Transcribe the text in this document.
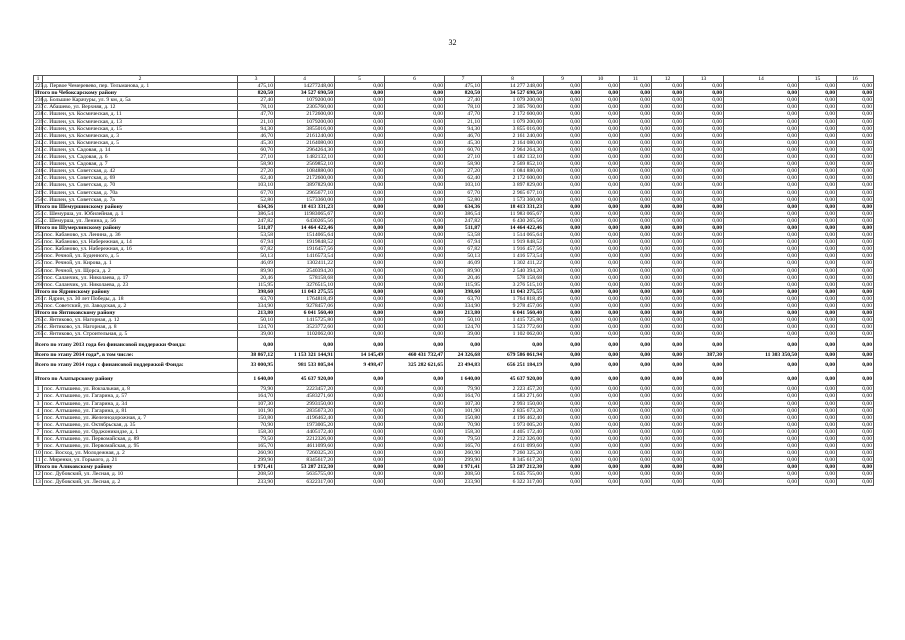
32
1	2	3	4	5	6	7	8	9	10	11	12	13	14	15	16
225	д. Первое Чемеревево, пер. Тельманова, д. 1	475,10	14277248,00	0,00	0,00	475,10	14 277 248,00	0,00	0,00	0,00	0,00	0,00	0,00	0,00	0,00
Итого по Чебоксарскому району		820,50	34 527 690,50	0,00	0,00	820,50	34 527 690,50	0,00	0,00	0,00	0,00	0,00	0,00	0,00	0,00
236	д. Большие Карачуры, ул. 9 км, д. 5а	27,40	1079200,00	0,00	0,00	27,40	1 079 200,00	0,00	0,00	0,00	0,00	0,00	0,00	0,00	0,00
237	с. Абашево, ул. Верхняя, д. 12	78,10	2305760,00	0,00	0,00	78,10	2 305 760,00	0,00	0,00	0,00	0,00	0,00	0,00	0,00	0,00
238	с. Ишлеи, ул. Космическая, д. 11	47,70	2172600,00	0,00	0,00	47,70	2 172 600,00	0,00	0,00	0,00	0,00	0,00	0,00	0,00	0,00
239	с. Ишлеи, ул. Космическая, д. 13	21,10	1079200,00	0,00	0,00	21,10	1 079 200,00	0,00	0,00	0,00	0,00	0,00	0,00	0,00	0,00
240	с. Ишлеи, ул. Космическая, д. 15	94,30	3855016,00	0,00	0,00	94,30	3 855 016,00	0,00	0,00	0,00	0,00	0,00	0,00	0,00	0,00
241	с. Ишлеи, ул. Космическая, д. 3	46,70	2161240,00	0,00	0,00	46,70	2 161 240,00	0,00	0,00	0,00	0,00	0,00	0,00	0,00	0,00
242	с. Ишлеи, ул. Космическая, д. 5	45,30	2164080,00	0,00	0,00	45,30	2 164 080,00	0,00	0,00	0,00	0,00	0,00	0,00	0,00	0,00
243	с. Ишлеи, ул. Садовая, д. 14	60,70	2964264,30	0,00	0,00	60,70	2 964 264,30	0,00	0,00	0,00	0,00	0,00	0,00	0,00	0,00
244	с. Ишлеи, ул. Садовая, д. 6	27,10	1482132,10	0,00	0,00	27,10	1 482 132,10	0,00	0,00	0,00	0,00	0,00	0,00	0,00	0,00
245	с. Ишлеи, ул. Садовая, д. 7	58,90	2569852,10	0,00	0,00	58,90	2 569 852,10	0,00	0,00	0,00	0,00	0,00	0,00	0,00	0,00
246	с. Ишлеи, ул. Советская, д. 42	27,20	1084880,00	0,00	0,00	27,20	1 084 880,00	0,00	0,00	0,00	0,00	0,00	0,00	0,00	0,00
247	с. Ишлеи, ул. Советская, д. 69	62,40	2172600,00	0,00	0,00	62,40	2 172 600,00	0,00	0,00	0,00	0,00	0,00	0,00	0,00	0,00
248	с. Ишлеи, ул. Советская, д. 70	103,10	3897829,00	0,00	0,00	103,10	3 897 829,00	0,00	0,00	0,00	0,00	0,00	0,00	0,00	0,00
249	с. Ишлеи, ул. Советская, д. 70а	67,70	2965677,10	0,00	0,00	67,70	2 965 677,10	0,00	0,00	0,00	0,00	0,00	0,00	0,00	0,00
250	с. Ишлеи, ул. Советская, д. 7а	52,80	1573360,00	0,00	0,00	52,80	1 573 360,00	0,00	0,00	0,00	0,00	0,00	0,00	0,00	0,00
Итого по Шемуршинскому району		634,36	18 413 331,23	0,00	0,00	634,36	18 413 331,23	0,00	0,00	0,00	0,00	0,00	0,00	0,00	0,00
251	с. Шемурша, ул. Юбилейная, д. 1	386,54	11983065,67	0,00	0,00	386,54	11 983 065,67	0,00	0,00	0,00	0,00	0,00	0,00	0,00	0,00
252	с. Шемурша, ул. Ленина, д. 56	247,82	6430265,56	0,00	0,00	247,82	6 430 265,56	0,00	0,00	0,00	0,00	0,00	0,00	0,00	0,00
Итого по Шумерлинскому району		511,87	14 464 422,46	0,00	0,00	511,87	14 464 422,46	0,00	0,00	0,00	0,00	0,00	0,00	0,00	0,00
253	пос. Кабаново, ул. Ленина, д. 36	53,58	1514065,64	0,00	0,00	53,58	1 514 065,64	0,00	0,00	0,00	0,00	0,00	0,00	0,00	0,00
254	пос. Кабаново, ул. Набережная, д. 14	67,94	1919848,52	0,00	0,00	67,94	1 919 848,52	0,00	0,00	0,00	0,00	0,00	0,00	0,00	0,00
255	пос. Кабаново, ул. Набережная, д. 16	67,82	1916457,56	0,00	0,00	67,82	1 916 457,56	0,00	0,00	0,00	0,00	0,00	0,00	0,00	0,00
256	пос. Речной, ул. Буденного, д. 5	50,13	1416573,54	0,00	0,00	50,13	1 416 573,54	0,00	0,00	0,00	0,00	0,00	0,00	0,00	0,00
257	пос. Речной, ул. Кирова, д. 1	46,09	1302411,22	0,00	0,00	46,09	1 302 411,22	0,00	0,00	0,00	0,00	0,00	0,00	0,00	0,00
258	пос. Речной, ул. Щорса, д. 2	89,90	2540394,20	0,00	0,00	89,90	2 540 394,20	0,00	0,00	0,00	0,00	0,00	0,00	0,00	0,00
259	пос. Саланчик, ул. Николаева, д. 17	20,46	578158,68	0,00	0,00	20,46	578 158,68	0,00	0,00	0,00	0,00	0,00	0,00	0,00	0,00
260	пос. Саланчик, ул. Николаева, д. 23	115,95	3276515,10	0,00	0,00	115,95	3 276 515,10	0,00	0,00	0,00	0,00	0,00	0,00	0,00	0,00
Итого по Ядринскому району		398,60	11 043 275,55	0,00	0,00	398,60	11 043 275,55	0,00	0,00	0,00	0,00	0,00	0,00	0,00	0,00
261	г. Ядрин, ул. 30 лет Победы, д. 18	63,70	1764818,49	0,00	0,00	63,70	1 764 818,49	0,00	0,00	0,00	0,00	0,00	0,00	0,00	0,00
262	пос. Советский, ул. Заводская, д. 2	334,90	9278457,06	0,00	0,00	334,90	9 278 457,06	0,00	0,00	0,00	0,00	0,00	0,00	0,00	0,00
Итого по Янтиковскому району		213,80	6 041 560,40	0,00	0,00	213,80	6 041 560,40	0,00	0,00	0,00	0,00	0,00	0,00	0,00	0,00
263	с. Янтиково, ул. Нагорная, д. 12	50,10	1415725,80	0,00	0,00	50,10	1 415 725,80	0,00	0,00	0,00	0,00	0,00	0,00	0,00	0,00
264	с. Янтиково, ул. Нагорная, д. 8	124,70	3523772,60	0,00	0,00	124,70	3 523 772,60	0,00	0,00	0,00	0,00	0,00	0,00	0,00	0,00
265	с. Янтиково, ул. Строительная, д. 5	39,00	1102062,00	0,00	0,00	39,00	1 102 062,00	0,00	0,00	0,00	0,00	0,00	0,00	0,00	0,00
Всего по этапу 2013 года без финансовой поддержки Фонда:		0,00	0,00	0,00	0,00	0,00	0,00	0,00	0,00	0,00	0,00	0,00	0,00	0,00	0,00
Всего по этапу 2014 года*, в том числе:		38 867,12	1 153 321 144,91	14 145,49	460 431 732,47	24 326,68	679 586 061,94	0,00	0,00	0,00	0,00	387,30	11 303 350,50	0,00	0,00
Всего по этапу 2014 года с финансовой поддержкой Фонда:		33 000,95	981 533 805,84	9 498,47	325 282 621,65	23 494,83	656 251 184,19	0,00	0,00	0,00	0,00	0,00	0,00	0,00	0,00
Итого по Алатырскому району		1 640,00	45 637 920,00	0,00	0,00	1 640,00	45 637 920,00	0,00	0,00	0,00	0,00	0,00	0,00	0,00	0,00
1	пос. Алтышево, ул. Вокзальная, д. 8	79,90	2223457,20	0,00	0,00	79,90	2 223 457,20	0,00	0,00	0,00	0,00	0,00	0,00	0,00	0,00
2	пос. Алтышево, ул. Гагарина, д. 57	164,70	4583271,60	0,00	0,00	164,70	4 583 271,60	0,00	0,00	0,00	0,00	0,00	0,00	0,00	0,00
3	пос. Алтышево, ул. Гагарина, д. 34	107,30	2993150,00	0,00	0,00	107,30	2 993 150,00	0,00	0,00	0,00	0,00	0,00	0,00	0,00	0,00
4	пос. Алтышево, ул. Гагарина, д. 81	101,90	2835673,20	0,00	0,00	101,90	2 835 673,20	0,00	0,00	0,00	0,00	0,00	0,00	0,00	0,00
5	пос. Алтышево, ул. Железнодорожная, д. 7	150,80	4196462,40	0,00	0,00	150,80	4 196 462,40	0,00	0,00	0,00	0,00	0,00	0,00	0,00	0,00
6	пос. Алтышево, ул. Октябрьская, д. 35	70,90	1973005,20	0,00	0,00	70,90	1 973 005,20	0,00	0,00	0,00	0,00	0,00	0,00	0,00	0,00
7	пос. Алтышево, ул. Орджоникидзе, д. 1	158,30	4405172,40	0,00	0,00	158,30	4 405 172,40	0,00	0,00	0,00	0,00	0,00	0,00	0,00	0,00
8	пос. Алтышево, ул. Первомайская, д. 89	79,50	2212326,00	0,00	0,00	79,50	2 212 326,00	0,00	0,00	0,00	0,00	0,00	0,00	0,00	0,00
9	пос. Алтышево, ул. Первомайская, д. 95	165,70	4611099,60	0,00	0,00	165,70	4 611 099,60	0,00	0,00	0,00	0,00	0,00	0,00	0,00	0,00
10	пос. Восход, ул. Молодежная, д. 2	260,90	7260325,20	0,00	0,00	260,90	7 260 325,20	0,00	0,00	0,00	0,00	0,00	0,00	0,00	0,00
11	с. Миренки, ул. Горького, д. 21	299,90	8345617,20	0,00	0,00	299,90	8 345 617,20	0,00	0,00	0,00	0,00	0,00	0,00	0,00	0,00
Итого по Аликовскому району		1 971,41	53 287 212,30	0,00	0,00	1 971,41	53 287 212,30	0,00	0,00	0,00	0,00	0,00	0,00	0,00	0,00
12	пос. Дубовский, ул. Лесная, д. 10	208,50	5635755,00	0,00	0,00	208,50	5 635 755,00	0,00	0,00	0,00	0,00	0,00	0,00	0,00	0,00
13	пос. Дубовский, ул. Лесная, д. 2	233,90	6322317,00	0,00	0,00	233,90	6 322 317,00	0,00	0,00	0,00	0,00	0,00	0,00	0,00	0,00
